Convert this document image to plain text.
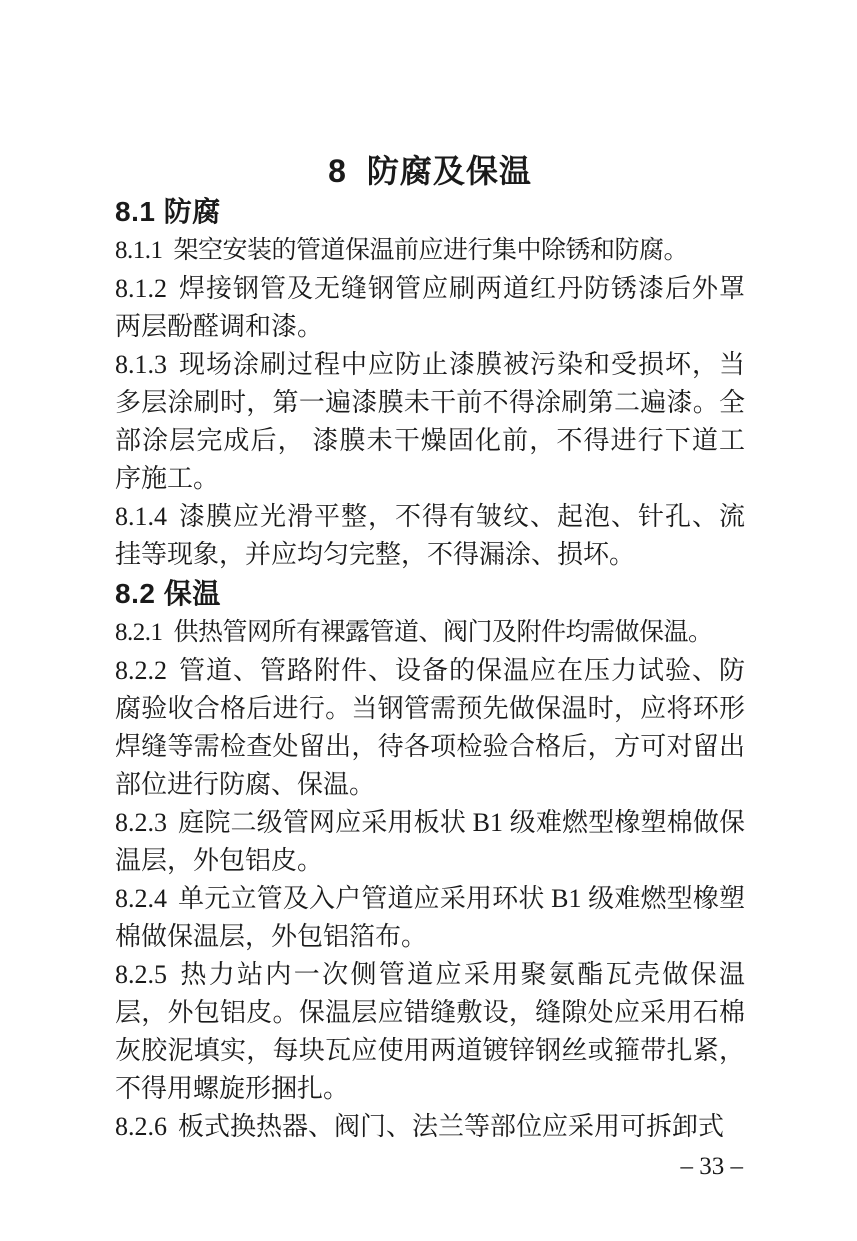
8 防腐及保温
8.1 防腐

8.1.1 架空安装的管道保温前应进行集中除锈和防腐。

8.1.2 焊接钢管及无缝钢管应刷两道红丹防锈漆后外罩两层酚醛调和漆。

8.1.3 现场涂刷过程中应防止漆膜被污染和受损坏，当多层涂刷时，第一遍漆膜未干前不得涂刷第二遍漆。全部涂层完成后， 漆膜未干燥固化前，不得进行下道工序施工。

8.1.4 漆膜应光滑平整，不得有皱纹、起泡、针孔、流挂等现象，并应均匀完整，不得漏涂、损坏。

8.2 保温

8.2.1 供热管网所有裸露管道、阀门及附件均需做保温。

8.2.2 管道、管路附件、设备的保温应在压力试验、防腐验收合格后进行。当钢管需预先做保温时，应将环形焊缝等需检查处留出，待各项检验合格后，方可对留出部位进行防腐、保温。

8.2.3 庭院二级管网应采用板状 B1 级难燃型橡塑棉做保温层，外包铝皮。

8.2.4 单元立管及入户管道应采用环状 B1 级难燃型橡塑棉做保温层，外包铝箔布。

8.2.5 热力站内一次侧管道应采用聚氨酯瓦壳做保温层，外包铝皮。保温层应错缝敷设，缝隙处应采用石棉灰胶泥填实，每块瓦应使用两道镀锌钢丝或箍带扎紧，不得用螺旋形捆扎。

8.2.6 板式换热器、阀门、法兰等部位应采用可拆卸式

– 33 –
